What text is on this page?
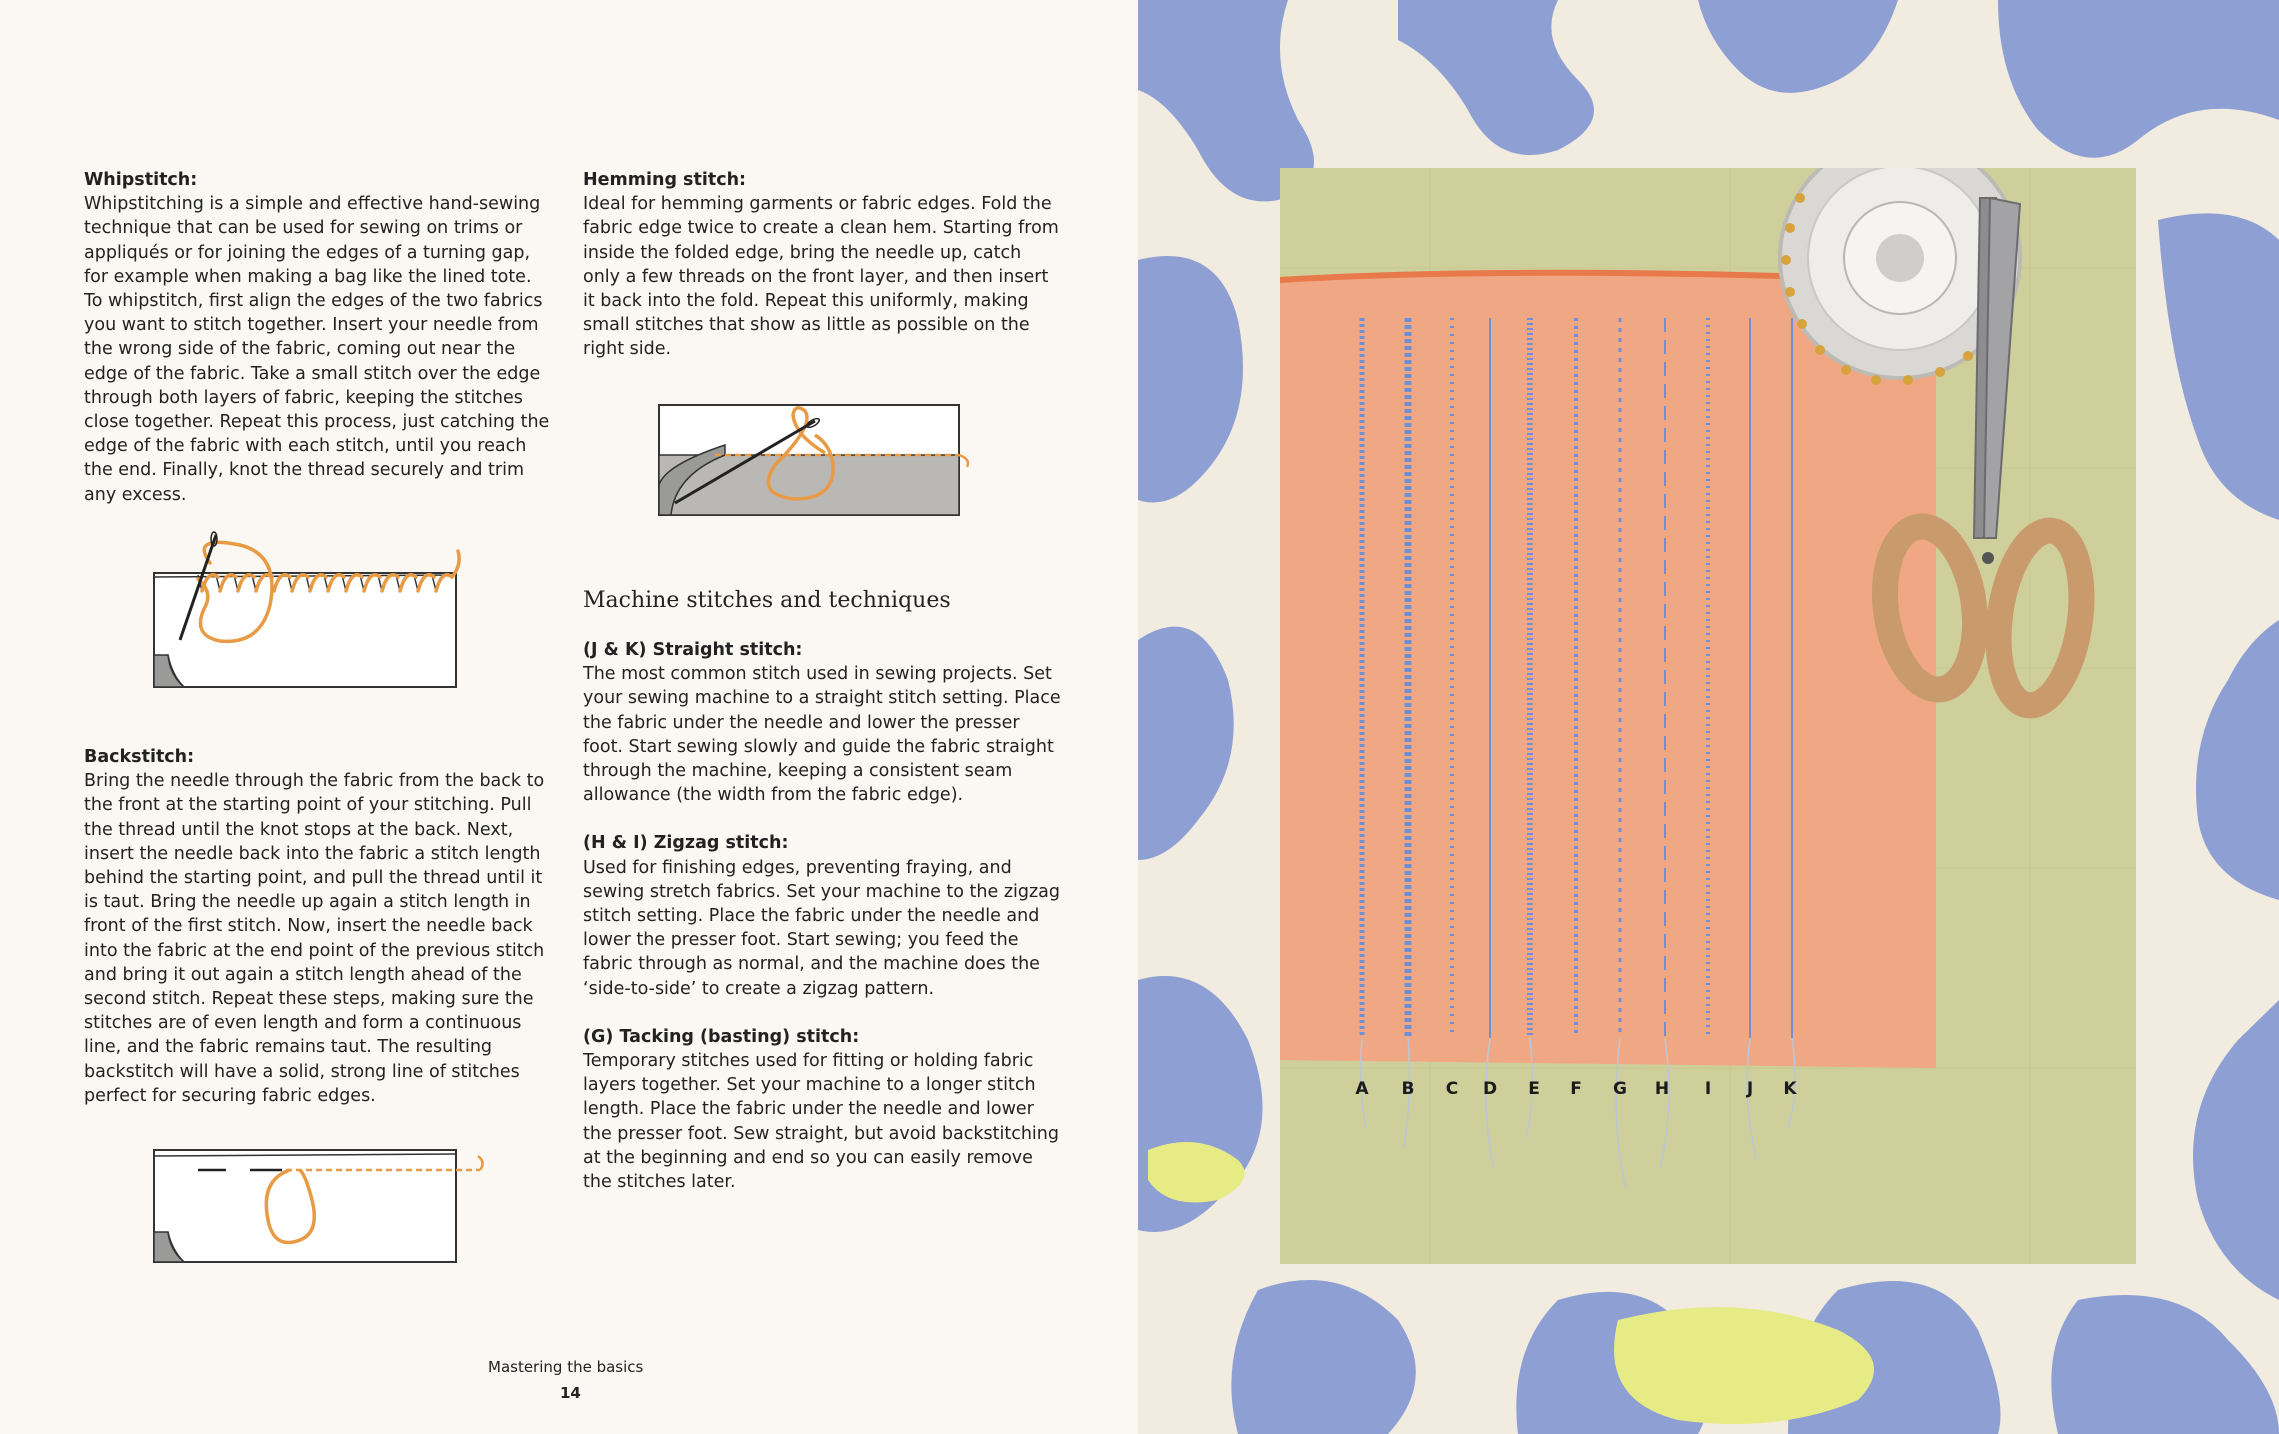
Whipstitch:

Whipstitching is a simple and effective hand-sewing technique that can be used for sewing on trims or appliqués or for joining the edges of a turning gap, for example when making a bag like the lined tote. To whipstitch, first align the edges of the two fabrics you want to stitch together. Insert your needle from the wrong side of the fabric, coming out near the edge of the fabric. Take a small stitch over the edge through both layers of fabric, keeping the stitches close together. Repeat this process, just catching the edge of the fabric with each stitch, until you reach the end. Finally, knot the thread securely and trim any excess.

Backstitch:

Bring the needle through the fabric from the back to the front at the starting point of your stitching. Pull the thread until the knot stops at the back. Next, insert the needle back into the fabric a stitch length behind the starting point, and pull the thread until it is taut. Bring the needle up again a stitch length in front of the first stitch. Now, insert the needle back into the fabric at the end point of the previous stitch and bring it out again a stitch length ahead of the second stitch. Repeat these steps, making sure the stitches are of even length and form a continuous line, and the fabric remains taut. The resulting backstitch will have a solid, strong line of stitches perfect for securing fabric edges.

Hemming stitch:

Ideal for hemming garments or fabric edges. Fold the fabric edge twice to create a clean hem. Starting from inside the folded edge, bring the needle up, catch only a few threads on the front layer, and then insert it back into the fold. Repeat this uniformly, making small stitches that show as little as possible on the right side.

Machine stitches and techniques
(J & K) Straight stitch:

The most common stitch used in sewing projects. Set your sewing machine to a straight stitch setting. Place the fabric under the needle and lower the presser foot. Start sewing slowly and guide the fabric straight through the machine, keeping a consistent seam allowance (the width from the fabric edge).

(H & I) Zigzag stitch:

Used for finishing edges, preventing fraying, and sewing stretch fabrics. Set your machine to the zigzag stitch setting. Place the fabric under the needle and lower the presser foot. Start sewing; you feed the fabric through as normal, and the machine does the ‘side-to-side’ to create a zigzag pattern.

(G) Tacking (basting) stitch:

Temporary stitches used for fitting or holding fabric layers together. Set your machine to a longer stitch length. Place the fabric under the needle and lower the presser foot. Sew straight, but avoid backstitching at the beginning and end so you can easily remove the stitches later.

Mastering the basics
14
A B C D E F G H I J K
